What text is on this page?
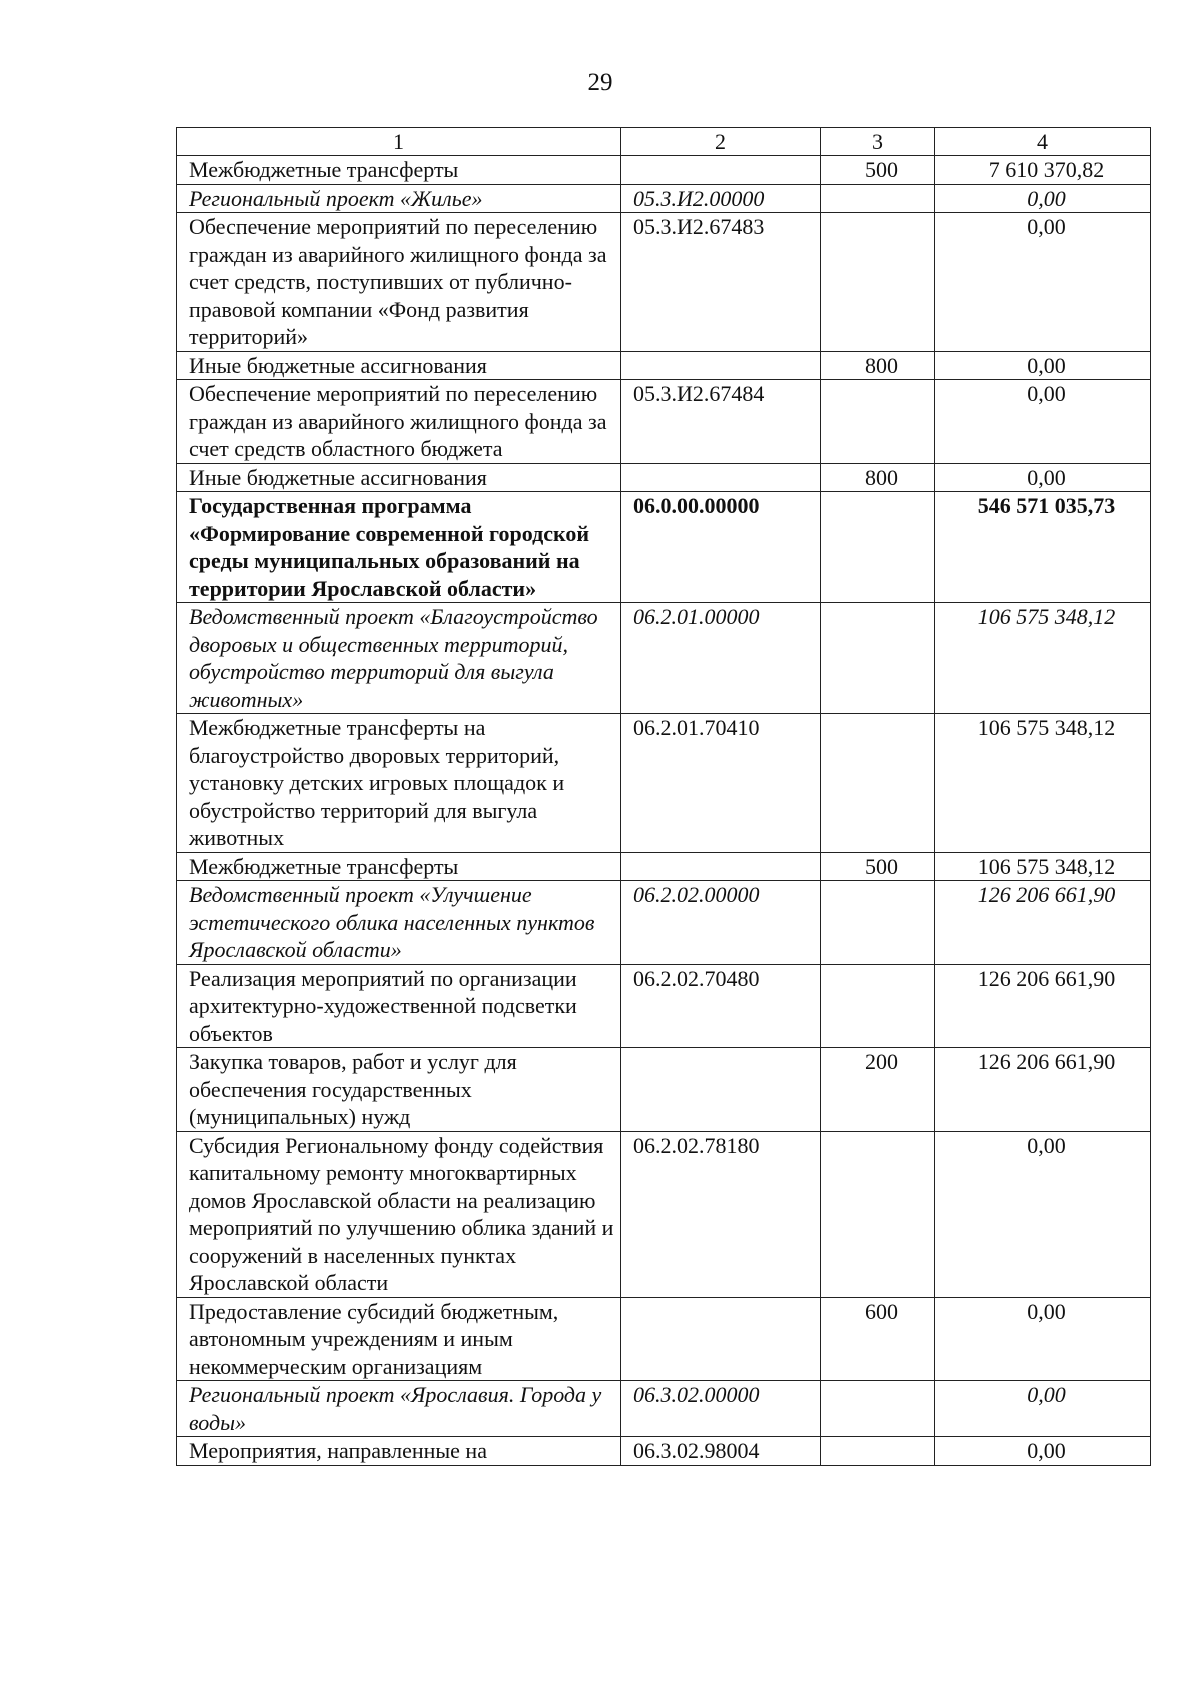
29
1	2	3	4
Межбюджетные трансферты		500	7 610 370,82
Региональный проект «Жилье»	05.3.И2.00000		0,00
Обеспечение мероприятий по переселению граждан из аварийного жилищного фонда за счет средств, поступивших от публично-правовой компании «Фонд развития территорий»	05.3.И2.67483		0,00
Иные бюджетные ассигнования		800	0,00
Обеспечение мероприятий по переселению граждан из аварийного жилищного фонда за счет средств областного бюджета	05.3.И2.67484		0,00
Иные бюджетные ассигнования		800	0,00
Государственная программа «Формирование современной городской среды муниципальных образований на территории Ярославской области»	06.0.00.00000		546 571 035,73
Ведомственный проект «Благоустройство дворовых и общественных территорий, обустройство территорий для выгула животных»	06.2.01.00000		106 575 348,12
Межбюджетные трансферты на благоустройство дворовых территорий, установку детских игровых площадок и обустройство территорий для выгула животных	06.2.01.70410		106 575 348,12
Межбюджетные трансферты		500	106 575 348,12
Ведомственный проект «Улучшение эстетического облика населенных пунктов Ярославской области»	06.2.02.00000		126 206 661,90
Реализация мероприятий по организации архитектурно-художественной подсветки объектов	06.2.02.70480		126 206 661,90
Закупка товаров, работ и услуг для обеспечения государственных (муниципальных) нужд		200	126 206 661,90
Субсидия Региональному фонду содействия капитальному ремонту многоквартирных домов Ярославской области на реализацию мероприятий по улучшению облика зданий и сооружений в населенных пунктах Ярославской области	06.2.02.78180		0,00
Предоставление субсидий бюджетным, автономным учреждениям и иным некоммерческим организациям		600	0,00
Региональный проект «Ярославия. Города у воды»	06.3.02.00000		0,00
Мероприятия, направленные на	06.3.02.98004		0,00
